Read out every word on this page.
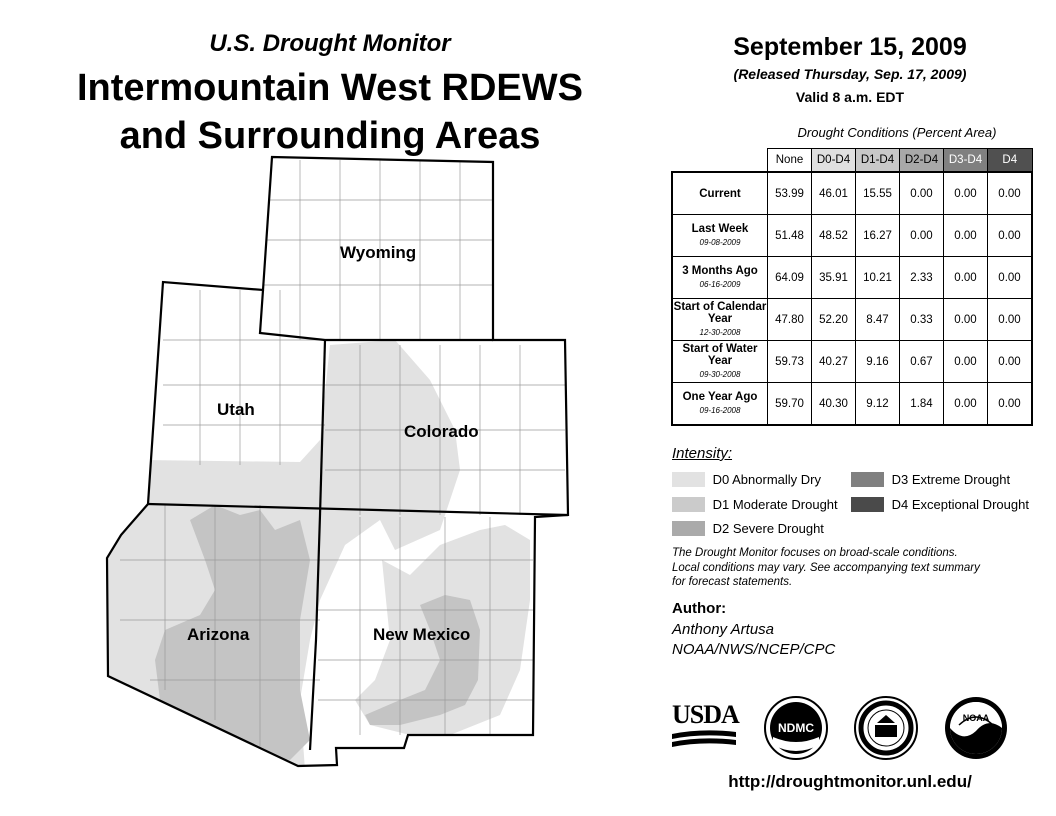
U.S. Drought Monitor
Intermountain West RDEWS
and Surrounding Areas
Wyoming
Utah
Colorado
Arizona	New Mexico
September 15, 2009
(Released Thursday, Sep. 17, 2009)
Valid 8 a.m. EDT
Drought Conditions (Percent Area)
	None	D0-D4	D1-D4	D2-D4	D3-D4	D4
Current	53.99	46.01	15.55	0.00	0.00	0.00
Last Week
09-08-2009	51.48	48.52	16.27	0.00	0.00	0.00
3 Months Ago
06-16-2009	64.09	35.91	10.21	2.33	0.00	0.00
Start of Calendar Year
12-30-2008	47.80	52.20	8.47	0.33	0.00	0.00
Start of Water Year
09-30-2008	59.73	40.27	9.16	0.67	0.00	0.00
One Year Ago
09-16-2008	59.70	40.30	9.12	1.84	0.00	0.00
Intensity:
D0 Abnormally Dry
D1 Moderate Drought
D2 Severe Drought
D3 Extreme Drought
D4 Exceptional Drought
The Drought Monitor focuses on broad-scale conditions.
Local conditions may vary. See accompanying text summary
for forecast statements.
Author:
Anthony Artusa
NOAA/NWS/NCEP/CPC
USDA	NDMC
NOAA
http://droughtmonitor.unl.edu/
